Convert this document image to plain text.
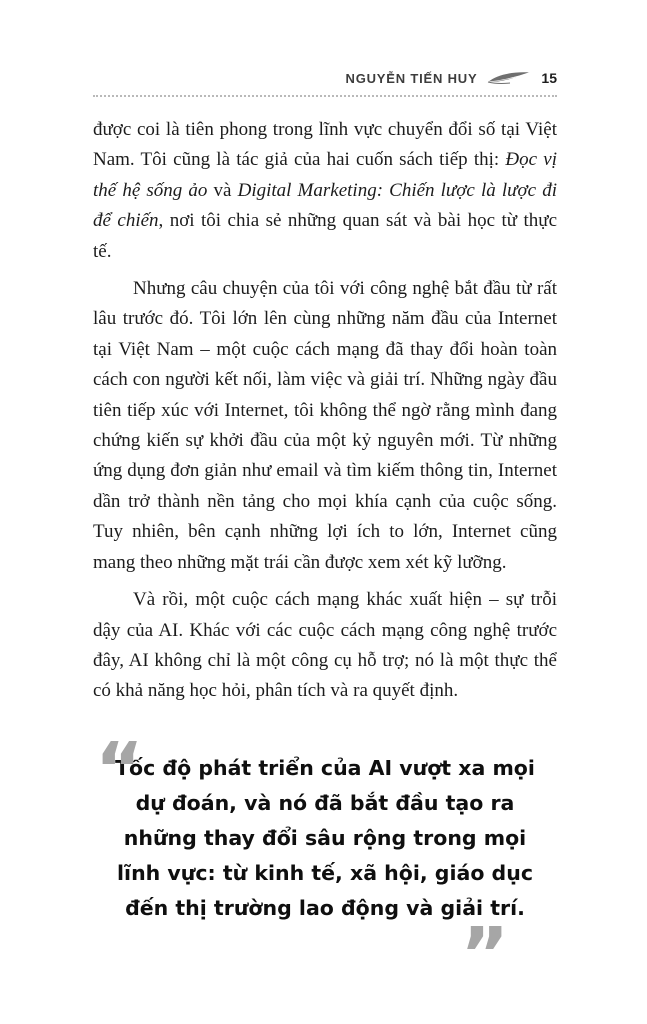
NGUYỄN TIẾN HUY	15

được coi là tiên phong trong lĩnh vực chuyển đổi số tại Việt Nam. Tôi cũng là tác giả của hai cuốn sách tiếp thị: Đọc vị thế hệ sống ảo và Digital Marketing: Chiến lược là lược đi để chiến, nơi tôi chia sẻ những quan sát và bài học từ thực tế.

Nhưng câu chuyện của tôi với công nghệ bắt đầu từ rất lâu trước đó. Tôi lớn lên cùng những năm đầu của Internet tại Việt Nam – một cuộc cách mạng đã thay đổi hoàn toàn cách con người kết nối, làm việc và giải trí. Những ngày đầu tiên tiếp xúc với Internet, tôi không thể ngờ rằng mình đang chứng kiến sự khởi đầu của một kỷ nguyên mới. Từ những ứng dụng đơn giản như email và tìm kiếm thông tin, Internet dần trở thành nền tảng cho mọi khía cạnh của cuộc sống. Tuy nhiên, bên cạnh những lợi ích to lớn, Internet cũng mang theo những mặt trái cần được xem xét kỹ lưỡng.

Và rồi, một cuộc cách mạng khác xuất hiện – sự trỗi dậy của AI. Khác với các cuộc cách mạng công nghệ trước đây, AI không chỉ là một công cụ hỗ trợ; nó là một thực thể có khả năng học hỏi, phân tích và ra quyết định.

“
Tốc độ phát triển của AI vượt xa mọi dự đoán, và nó đã bắt đầu tạo ra những thay đổi sâu rộng trong mọi lĩnh vực: từ kinh tế, xã hội, giáo dục đến thị trường lao động và giải trí.
”
